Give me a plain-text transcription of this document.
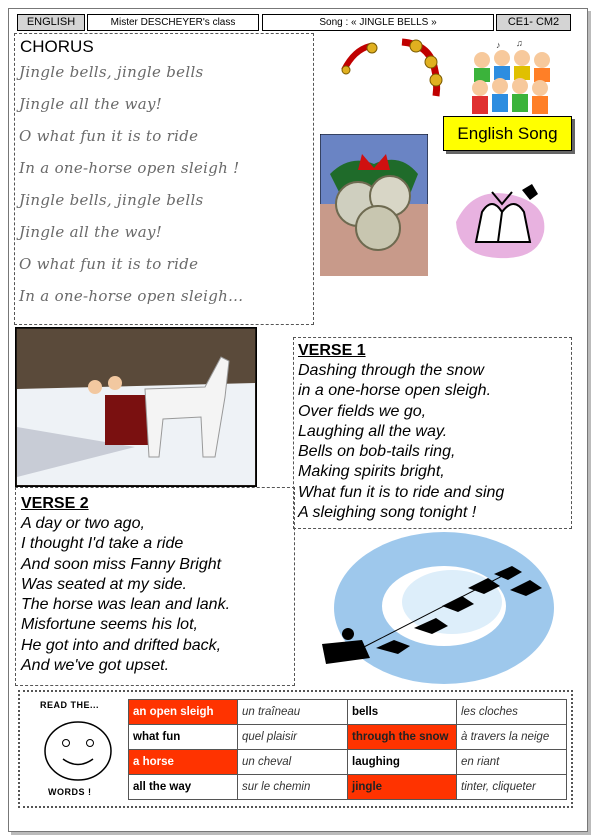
ENGLISH	Mister DESCHEYER's class	Song : « JINGLE BELLS »	CE1- CM2
CHORUS
Jingle bells, jingle bells
Jingle all the way!
O what fun it is to ride
In a one-horse open sleigh !
Jingle bells, jingle bells
Jingle all the way!
O what fun it is to ride
In a one-horse open sleigh...
♪ ♫
English Song
VERSE 1
Dashing through the snow
in a one-horse open sleigh.
Over fields we go,
Laughing all the way.
Bells on bob-tails ring,
Making spirits bright,
What fun it is to ride and sing
A sleighing song tonight !
VERSE 2
A day or two ago,
I thought I'd take a ride
And soon miss Fanny Bright
Was seated at my side.
The horse was lean and lank.
Misfortune seems his lot,
He got into and drifted back,
And we've got upset.
READ THE...
WORDS !
an open sleigh	un traîneau	bells	les cloches
what fun	quel plaisir	through the snow	à travers la neige
a horse	un cheval	laughing	en riant
all the way	sur le chemin	jingle	tinter, cliqueter
